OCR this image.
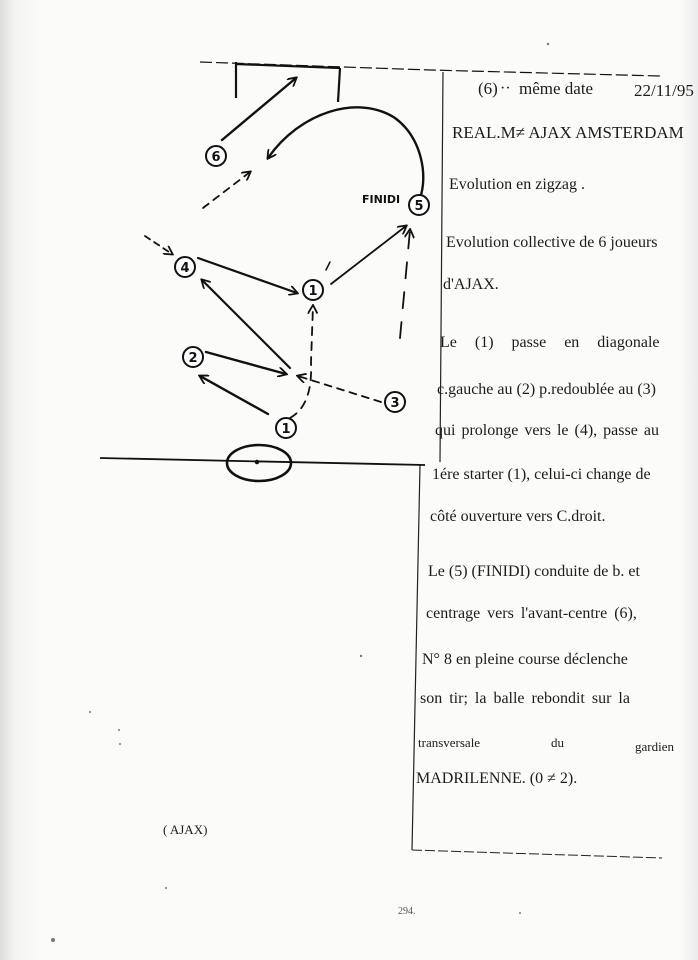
6
5
4
1
2
3
1
FINIDI
(6) ·· même date 22/11/95
REAL.M≠ AJAX AMSTERDAM
Evolution en zigzag .
Evolution collective de 6 joueurs
d'AJAX.
Le (1) passe en diagonale
c.gauche au (2) p.redoublée au (3)
qui prolonge vers le (4), passe au
1ére starter (1), celui-ci change de
côté ouverture vers C.droit.
Le (5) (FINIDI) conduite de b. et
centrage vers l'avant-centre (6),
N° 8 en pleine course déclenche
son tir; la balle rebondit sur la
transversale	du	gardien
MADRILENNE. (0 ≠ 2).
( AJAX)
294.
